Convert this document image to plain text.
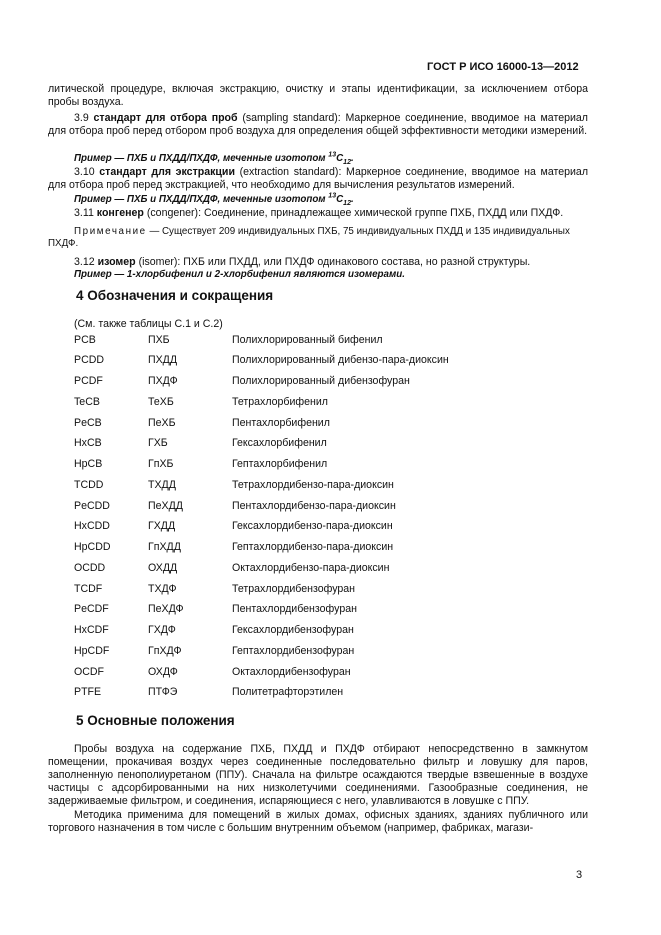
ГОСТ Р ИСО 16000-13—2012
литической процедуре, включая экстракцию, очистку и этапы идентификации, за исключением отбора пробы воздуха.
3.9 стандарт для отбора проб (sampling standard): Маркерное соединение, вводимое на материал для отбора проб перед отбором проб воздуха для определения общей эффективности методики измерений.
Пример — ПХБ и ПХДД/ПХДФ, меченные изотопом $^{13}C_{12}$.
3.10 стандарт для экстракции (extraction standard): Маркерное соединение, вводимое на материал для отбора проб перед экстракцией, что необходимо для вычисления результатов измерений.
Пример — ПХБ и ПХДД/ПХДФ, меченные изотопом $^{13}C_{12}$.
3.11 конгенер (congener): Соединение, принадлежащее химической группе ПХБ, ПХДД или ПХДФ.
Примечание — Существует 209 индивидуальных ПХБ, 75 индивидуальных ПХДД и 135 индивидуальных ПХДФ.
3.12 изомер (isomer): ПХБ или ПХДД, или ПХДФ одинакового состава, но разной структуры.
Пример — 1-хлорбифенил и 2-хлорбифенил являются изомерами.
4 Обозначения и сокращения
(См. также таблицы С.1 и С.2)
PCB	ПХБ	Полихлорированный бифенил
PCDD	ПХДД	Полихлорированный дибензо-пара-диоксин
PCDF	ПХДФ	Полихлорированный дибензофуран
TeCB	ТеХБ	Тетрахлорбифенил
PeCB	ПеХБ	Пентахлорбифенил
HxCB	ГХБ	Гексахлорбифенил
HpCB	ГпХБ	Гептахлорбифенил
TCDD	ТХДД	Тетрахлордибензо-пара-диоксин
PeCDD	ПеХДД	Пентахлордибензо-пара-диоксин
HxCDD	ГХДД	Гексахлордибензо-пара-диоксин
HpCDD	ГпХДД	Гептахлордибензо-пара-диоксин
OCDD	ОХДД	Октахлордибензо-пара-диоксин
TCDF	ТХДФ	Тетрахлордибензофуран
PeCDF	ПеХДФ	Пентахлордибензофуран
HxCDF	ГХДФ	Гексахлордибензофуран
HpCDF	ГпХДФ	Гептахлордибензофуран
OCDF	ОХДФ	Октахлордибензофуран
PTFE	ПТФЭ	Политетрафторэтилен
5 Основные положения
Пробы воздуха на содержание ПХБ, ПХДД и ПХДФ отбирают непосредственно в замкнутом помещении, прокачивая воздух через соединенные последовательно фильтр и ловушку для паров, заполненную пенополиуретаном (ППУ). Сначала на фильтре осаждаются твердые взвешенные в воздухе частицы с адсорбированными на них низколетучими соединениями. Газообразные соединения, не задерживаемые фильтром, и соединения, испаряющиеся с него, улавливаются в ловушке с ППУ.
Методика применима для помещений в жилых домах, офисных зданиях, зданиях публичного или торгового назначения в том числе с большим внутренним объемом (например, фабриках, магази-
3
